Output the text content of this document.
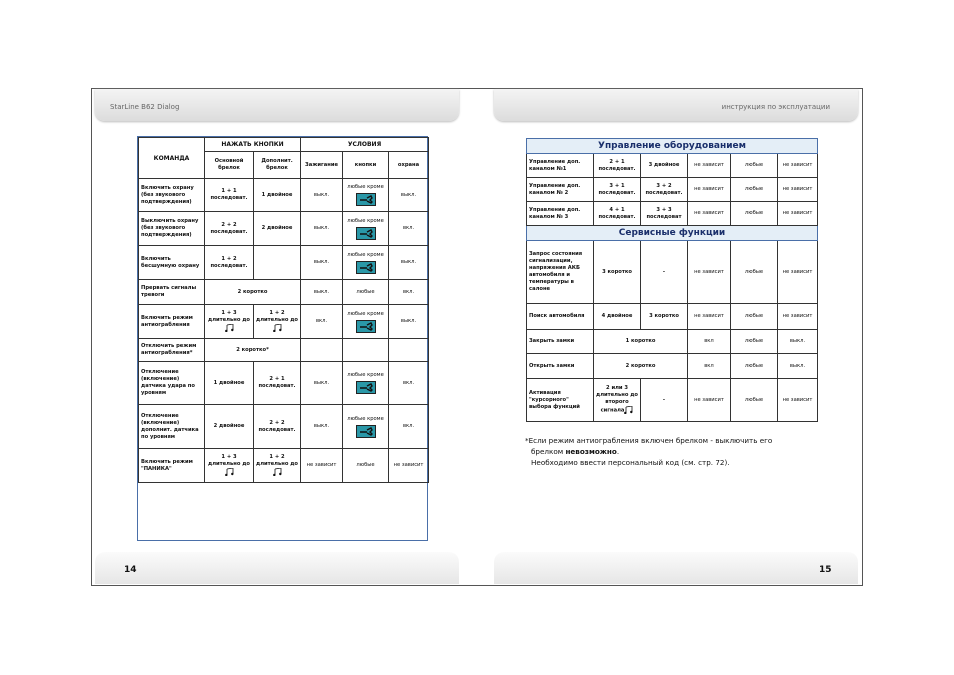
StarLine B62 Dialog	инструкция по эксплуатации
14	15
КОМАНДА	НАЖАТЬ КНОПКИ		УСЛОВИЯ		
	Основной брелок	Дополнит. брелок	Зажигание	кнопки	охрана
Включить охрану (без звукового подтверждения)	1 + 1 последоват.	1 двойное	выкл.	любые кроме	выкл.
Выключить охрану (без звукового подтверждения)	2 + 2 последоват.	2 двойное	выкл.	любые кроме	вкл.
Включить бесшумную охрану	1 + 2 последоват.		выкл.	любые кроме	выкл.
Прервать сигналы тревоги	2 коротко		выкл.	любые	вкл.
Включить режим антиограбления	1 + 3 длительно до	1 + 2 длительно до	вкл.	любые кроме	выкл.
Отключить режим антиограбления*	2 коротко*			

Отключение (включение) датчика удара по уровням	1 двойное	2 + 1 последоват.	выкл.	любые кроме	вкл.
Отключение (включение) дополнит. датчика по уровням	2 двойное	2 + 2 последоват.	выкл.	любые кроме	вкл.
Включить режим "ПАНИКА"	1 + 3 длительно до	1 + 2 длительно до	не зависит	любые	не зависит

Управление оборудованием					
Управление доп. каналом №1	2 + 1 последоват.	3 двойное	не зависит	любые	не зависит
Управление доп. каналом № 2	3 + 1 последоват.	3 + 2 последоват.	не зависит	любые	не зависит
Управление доп. каналом № 3	4 + 1 последоват.	3 + 3 последоват	не зависит	любые	не зависит
Сервисные функции					
Запрос состояния сигнализации, напряжения АКБ автомобиля и температуры в салоне	3 коротко	-	не зависит	любые	не зависит
Поиск автомобиля	4 двойное	3 коротко	не зависит	любые	не зависит
Закрыть замки	1 коротко		вкл	любые	выкл.
Открыть замки	2 коротко		вкл	любые	выкл.
Активация "курсорного" выбора функций	2 или 3 длительно до второго сигнала	-	не зависит	любые	не зависит
*Если режим антиограбления включен брелком - выключить его
брелком невозможно.
Необходимо ввести персональный код (см. стр. 72).
